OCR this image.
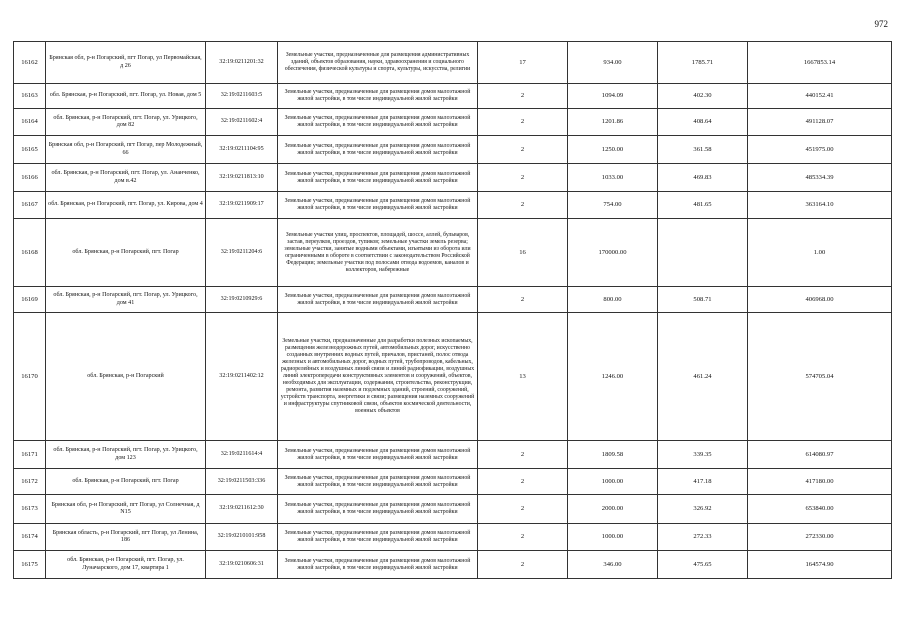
972
16162	Брянская обл, р-н Погарский, пгт Погар, ул Первомайская, д 26	32:19:0211201:32	Земельные участки, предназначенные для размещения административных зданий, объектов образования, науки, здравоохранения и социального обеспечения, физической культуры и спорта, культуры, искусства, религии	17	934.00	1785.71	1667853.14
16163	обл. Брянская, р-н Погарский, пгт. Погар, ул. Новая, дом 5	32:19:0211603:5	Земельные участки, предназначенные для размещения домов малоэтажной жилой застройки, в том числе индивидуальной жилой застройки	2	1094.09	402.30	440152.41
16164	обл. Брянская, р-н Погарский, пгт. Погар, ул. Урицкого, дом 82	32:19:0211602:4	Земельные участки, предназначенные для размещения домов малоэтажной жилой застройки, в том числе индивидуальной жилой застройки	2	1201.86	408.64	491128.07
16165	Брянская обл, р-н Погарский, пгт Погар, пер Молодежный, 66	32:19:0211104:95	Земельные участки, предназначенные для размещения домов малоэтажной жилой застройки, в том числе индивидуальной жилой застройки	2	1250.00	361.58	451975.00
16166	обл. Брянская, р-н Погарский, пгт. Погар, ул. Ананченко, дом в.42	32:19:0211813:10	Земельные участки, предназначенные для размещения домов малоэтажной жилой застройки, в том числе индивидуальной жилой застройки	2	1033.00	469.83	485334.39
16167	обл. Брянская, р-н Погарский, пгт. Погар, ул. Кирова, дом 4	32:19:0211909:17	Земельные участки, предназначенные для размещения домов малоэтажной жилой застройки, в том числе индивидуальной жилой застройки	2	754.00	481.65	363164.10
16168	обл. Брянская, р-н Погарский, пгт. Погар	32:19:0211204:6	Земельные участки улиц, проспектов, площадей, шоссе, аллей, бульваров, застав, переулков, проездов, тупиков; земельные участки земель резерва; земельные участки, занятые водными объектами, изъятыми из оборота или ограниченными в обороте в соответствии с законодательством Российской Федерации; земельные участки под полосами отвода водоемов, каналов и коллекторов, набережные	16	170000.00		1.00
16169	обл. Брянская, р-н Погарский, пгт. Погар, ул. Урицкого, дом 41	32:19:0210929:6	Земельные участки, предназначенные для размещения домов малоэтажной жилой застройки, в том числе индивидуальной жилой застройки	2	800.00	508.71	406968.00
16170	обл. Брянская, р-н Погарский	32:19:0211402:12	Земельные участки, предназначенные для разработки полезных ископаемых, размещения железнодорожных путей, автомобильных дорог, искусственно созданных внутренних водных путей, причалов, пристаней, полос отвода железных и автомобильных дорог, водных путей, трубопроводов, кабельных, радиорелейных и воздушных линий связи и линий радиофикации, воздушных линий электропередачи конструктивных элементов и сооружений, объектов, необходимых для эксплуатации, содержания, строительства, реконструкции, ремонта, развития наземных и подземных зданий, строений, сооружений, устройств транспорта, энергетики и связи; размещения наземных сооружений и инфраструктуры спутниковой связи, объектов космической деятельности, военных объектов	13	1246.00	461.24	574705.04
16171	обл. Брянская, р-н Погарский, пгт. Погар, ул. Урицкого, дом 123	32:19:0211614:4	Земельные участки, предназначенные для размещения домов малоэтажной жилой застройки, в том числе индивидуальной жилой застройки	2	1809.58	339.35	614080.97
16172	обл. Брянская, р-н Погарский, пгт. Погар	32:19:0211503:336	Земельные участки, предназначенные для размещения домов малоэтажной жилой застройки, в том числе индивидуальной жилой застройки	2	1000.00	417.18	417180.00
16173	Брянская обл, р-н Погарский, пгт Погар, ул Солнечная, д N15	32:19:0211612:30	Земельные участки, предназначенные для размещения домов малоэтажной жилой застройки, в том числе индивидуальной жилой застройки	2	2000.00	326.92	653840.00
16174	Брянская область, р-н Погарский, пгт Погар, ул Ленина, 186	32:19:0210101:958	Земельные участки, предназначенные для размещения домов малоэтажной жилой застройки, в том числе индивидуальной жилой застройки	2	1000.00	272.33	272330.00
16175	обл. Брянская, р-н Погарский, пгт. Погар, ул. Луначарского, дом 17, квартира 1	32:19:0210606:31	Земельные участки, предназначенные для размещения домов малоэтажной жилой застройки, в том числе индивидуальной жилой застройки	2	346.00	475.65	164574.90
